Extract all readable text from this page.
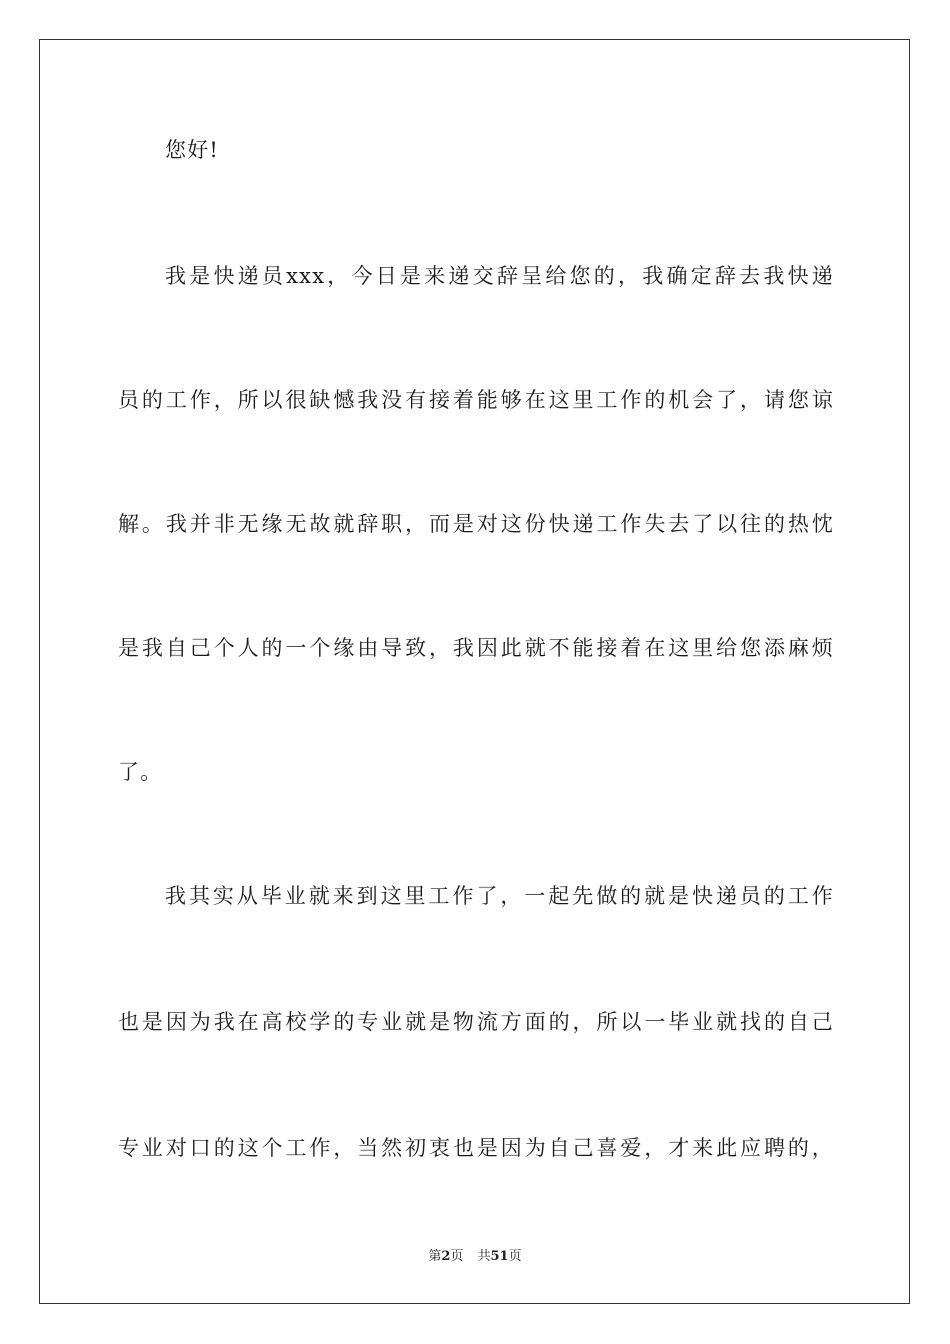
您好!
我是快递员xxx，今日是来递交辞呈给您的，我确定辞去我快递
员的工作，所以很缺憾我没有接着能够在这里工作的机会了，请您谅
解。我并非无缘无故就辞职，而是对这份快递工作失去了以往的热忱
是我自己个人的一个缘由导致，我因此就不能接着在这里给您添麻烦
了。
我其实从毕业就来到这里工作了，一起先做的就是快递员的工作
也是因为我在高校学的专业就是物流方面的，所以一毕业就找的自己
专业对口的这个工作，当然初衷也是因为自己喜爱，才来此应聘的，
第2页 共51页
